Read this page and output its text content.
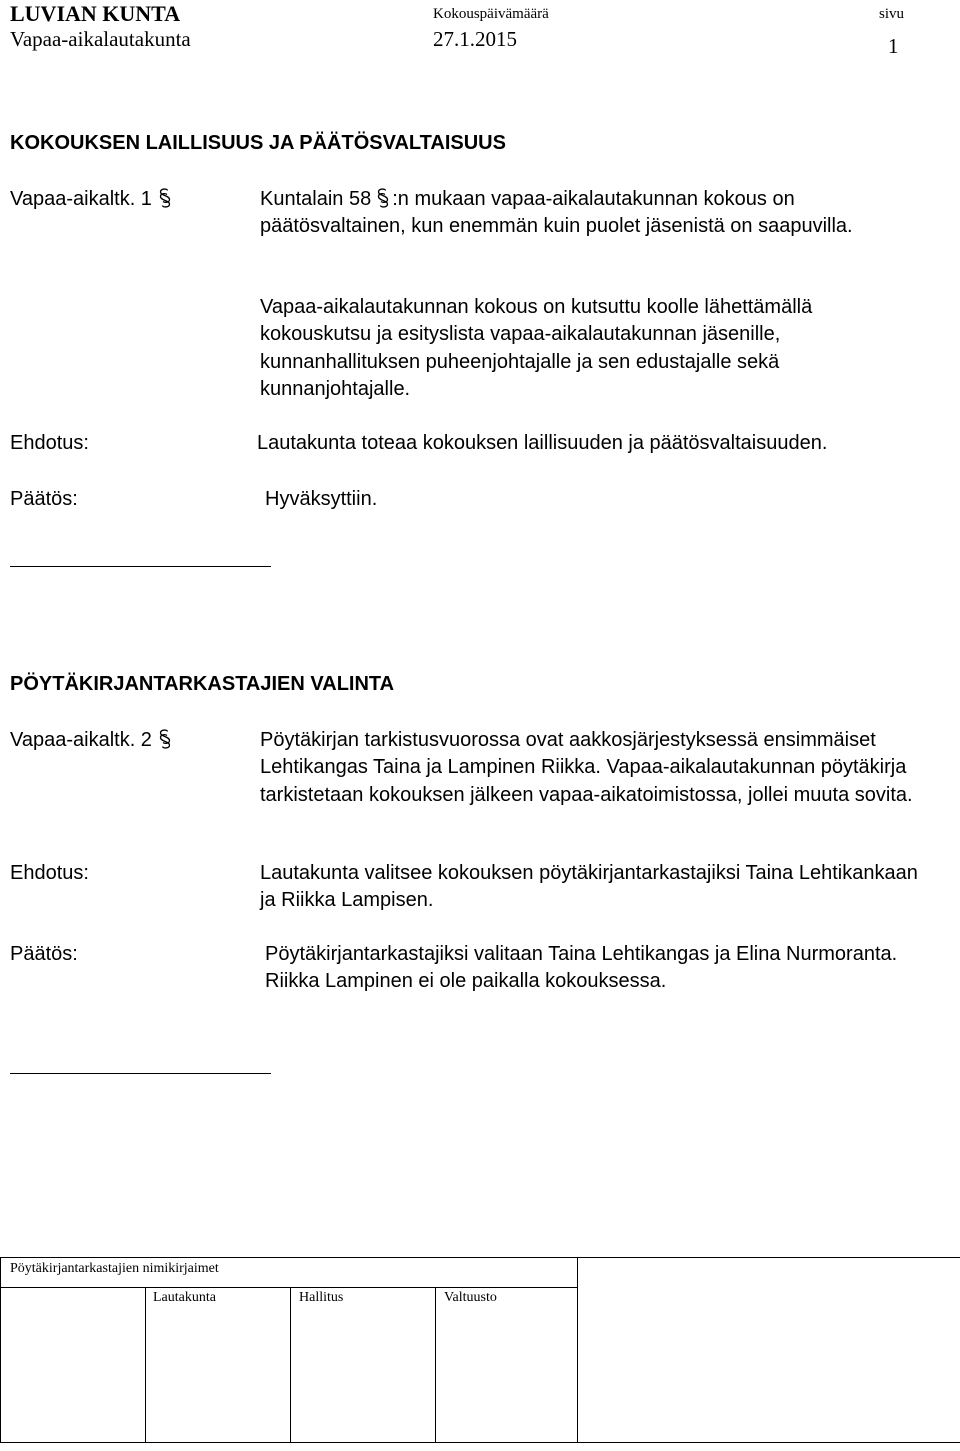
LUVIAN KUNTA
Vapaa-aikalautakunta
Kokouspäivämäärä
27.1.2015
sivu
1
KOKOUKSEN LAILLISUUS JA PÄÄTÖSVALTAISUUS
Vapaa-aikaltk. 1	Kuntalain 58 :n mukaan vapaa-aikalautakunnan kokous on päätösvaltainen, kun enemmän kuin puolet jäsenistä on saapuvilla.
Vapaa-aikalautakunnan kokous on kutsuttu koolle lähettämällä kokouskutsu ja esityslista vapaa-aikalautakunnan jäsenille, kunnanhallituksen puheenjohtajalle ja sen edustajalle sekä kunnanjohtajalle.
Ehdotus:	Lautakunta toteaa kokouksen laillisuuden ja päätösvaltaisuuden.
Päätös:	Hyväksyttiin.
PÖYTÄKIRJANTARKASTAJIEN VALINTA
Vapaa-aikaltk. 2	Pöytäkirjan tarkistusvuorossa ovat aakkosjärjestyksessä ensimmäiset Lehtikangas Taina ja Lampinen Riikka. Vapaa-aikalautakunnan pöytäkirja tarkistetaan kokouksen jälkeen vapaa-aikatoimistossa, jollei muuta sovita.
Ehdotus:	Lautakunta valitsee kokouksen pöytäkirjantarkastajiksi Taina Lehtikankaan ja Riikka Lampisen.
Päätös:	Pöytäkirjantarkastajiksi valitaan Taina Lehtikangas ja Elina Nurmoranta. Riikka Lampinen ei ole paikalla kokouksessa.
Pöytäkirjantarkastajien nimikirjaimet
Lautakunta	Hallitus	Valtuusto
